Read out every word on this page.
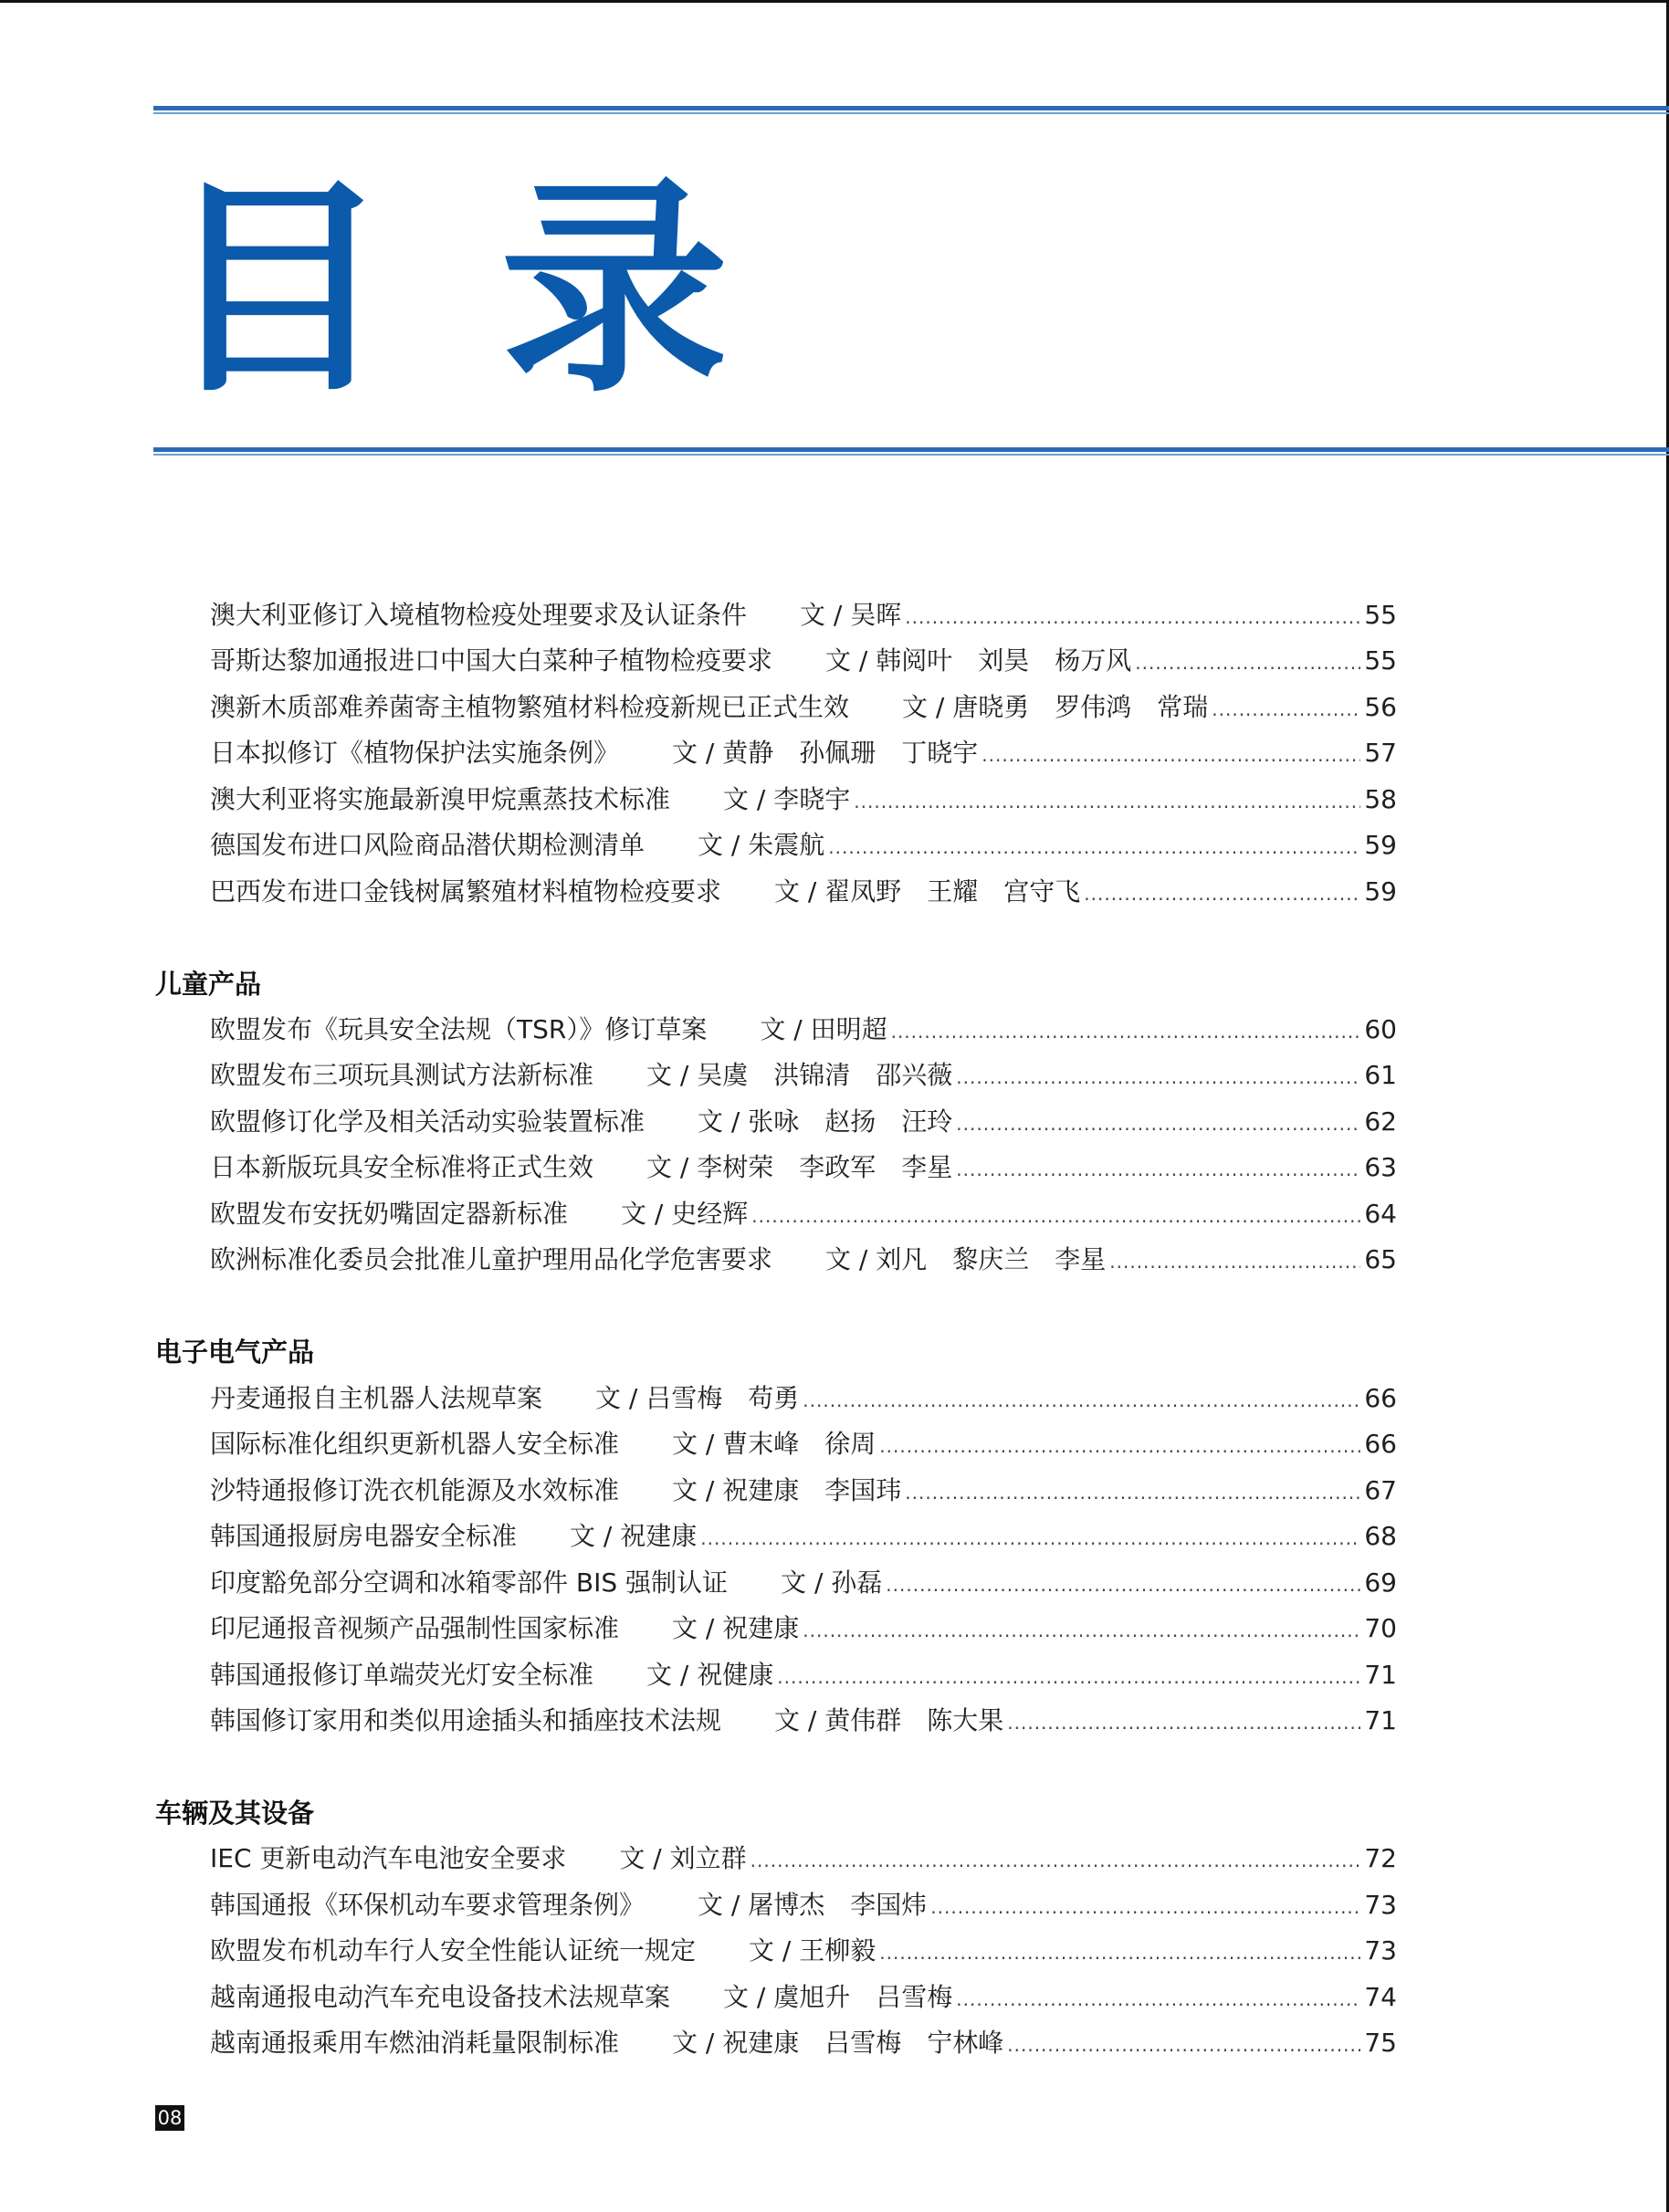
目录
澳大利亚修订入境植物检疫处理要求及认证条件 文 / 吴晖 .....	55
哥斯达黎加通报进口中国大白菜种子植物检疫要求 文 / 韩阅叶　刘昊　杨万风 .....	55
澳新木质部难养菌寄主植物繁殖材料检疫新规已正式生效 文 / 唐晓勇　罗伟鸿　常瑞 .....	56
日本拟修订《植物保护法实施条例》 文 / 黄静　孙佩珊　丁晓宇 .....	57
澳大利亚将实施最新溴甲烷熏蒸技术标准 文 / 李晓宇 .....	58
德国发布进口风险商品潜伏期检测清单 文 / 朱震航 .....	59
巴西发布进口金钱树属繁殖材料植物检疫要求 文 / 翟凤野　王耀　宫守飞 .....	59
儿童产品
欧盟发布《玩具安全法规（TSR）》修订草案 文 / 田明超 .....	60
欧盟发布三项玩具测试方法新标准 文 / 吴虞　洪锦清　邵兴薇 .....	61
欧盟修订化学及相关活动实验装置标准 文 / 张咏　赵扬　汪玲 .....	62
日本新版玩具安全标准将正式生效 文 / 李树荣　李政军　李星 .....	63
欧盟发布安抚奶嘴固定器新标准 文 / 史经辉 .....	64
欧洲标准化委员会批准儿童护理用品化学危害要求 文 / 刘凡　黎庆兰　李星 .....	65
电子电气产品
丹麦通报自主机器人法规草案 文 / 吕雪梅　苟勇 .....	66
国际标准化组织更新机器人安全标准 文 / 曹末峰　徐周 .....	66
沙特通报修订洗衣机能源及水效标准 文 / 祝建康　李国玮 .....	67
韩国通报厨房电器安全标准 文 / 祝建康 .....	68
印度豁免部分空调和冰箱零部件 BIS 强制认证 文 / 孙磊 .....	69
印尼通报音视频产品强制性国家标准 文 / 祝建康 .....	70
韩国通报修订单端荧光灯安全标准 文 / 祝健康 .....	71
韩国修订家用和类似用途插头和插座技术法规 文 / 黄伟群　陈大果 .....	71
车辆及其设备
IEC 更新电动汽车电池安全要求 文 / 刘立群 .....	72
韩国通报《环保机动车要求管理条例》 文 / 屠博杰　李国炜 .....	73
欧盟发布机动车行人安全性能认证统一规定 文 / 王柳毅 .....	73
越南通报电动汽车充电设备技术法规草案 文 / 虞旭升　吕雪梅 .....	74
越南通报乘用车燃油消耗量限制标准 文 / 祝建康　吕雪梅　宁林峰 .....	75
08
